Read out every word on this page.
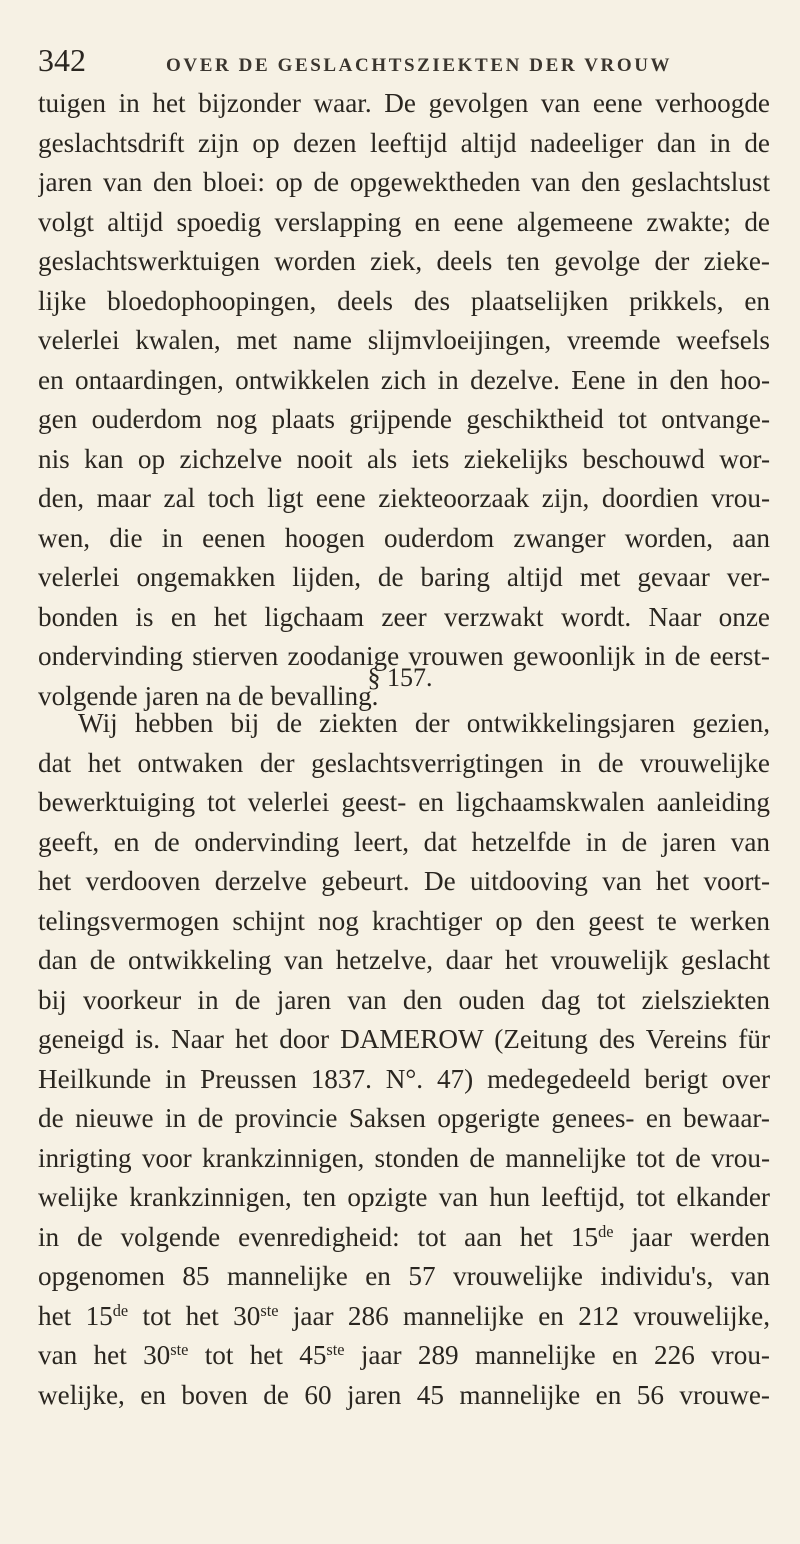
342	OVER DE GESLACHTSZIEKTEN DER VROUW
tuigen in het bijzonder waar. De gevolgen van eene verhoogde
geslachtsdrift zijn op dezen leeftijd altijd nadeeliger dan in de
jaren van den bloei: op de opgewektheden van den geslachtslust
volgt altijd spoedig verslapping en eene algemeene zwakte; de
geslachtswerktuigen worden ziek, deels ten gevolge der zieke-
lijke bloedophoopingen, deels des plaatselijken prikkels, en
velerlei kwalen, met name slijmvloeijingen, vreemde weefsels
en ontaardingen, ontwikkelen zich in dezelve. Eene in den hoo-
gen ouderdom nog plaats grijpende geschiktheid tot ontvange-
nis kan op zichzelve nooit als iets ziekelijks beschouwd wor-
den, maar zal toch ligt eene ziekteoorzaak zijn, doordien vrou-
wen, die in eenen hoogen ouderdom zwanger worden, aan
velerlei ongemakken lijden, de baring altijd met gevaar ver-
bonden is en het ligchaam zeer verzwakt wordt. Naar onze
ondervinding stierven zoodanige vrouwen gewoonlijk in de eerst-
volgende jaren na de bevalling.
§ 157.
Wij hebben bij de ziekten der ontwikkelingsjaren gezien,
dat het ontwaken der geslachtsverrigtingen in de vrouwelijke
bewerktuiging tot velerlei geest- en ligchaamskwalen aanleiding
geeft, en de ondervinding leert, dat hetzelfde in de jaren van
het verdooven derzelve gebeurt. De uitdooving van het voort-
telingsvermogen schijnt nog krachtiger op den geest te werken
dan de ontwikkeling van hetzelve, daar het vrouwelijk geslacht
bij voorkeur in de jaren van den ouden dag tot zielsziekten
geneigd is. Naar het door DAMEROW (Zeitung des Vereins für
Heilkunde in Preussen 1837. N°. 47) medegedeeld berigt over
de nieuwe in de provincie Saksen opgerigte genees- en bewaar-
inrigting voor krankzinnigen, stonden de mannelijke tot de vrou-
welijke krankzinnigen, ten opzigte van hun leeftijd, tot elkander
in de volgende evenredigheid: tot aan het 15de jaar werden
opgenomen 85 mannelijke en 57 vrouwelijke individu's, van
het 15de tot het 30ste jaar 286 mannelijke en 212 vrouwelijke,
van het 30ste tot het 45ste jaar 289 mannelijke en 226 vrou-
welijke, en boven de 60 jaren 45 mannelijke en 56 vrouwe-
